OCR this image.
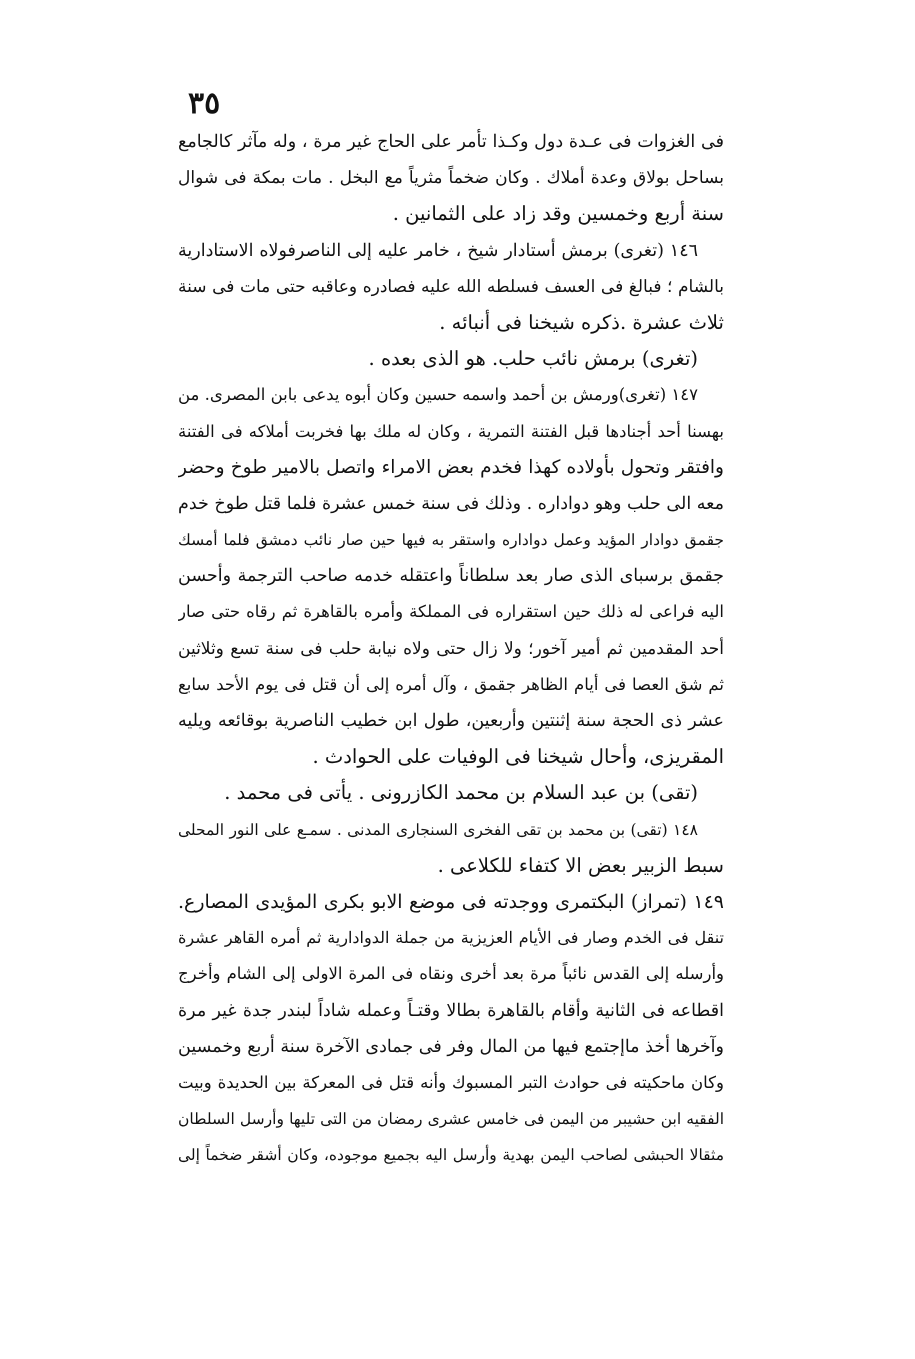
٣٥
فى الغزوات فى عـدة دول وكـذا تأمر على الحاج غير مرة ، وله مآثر كالجامع
بساحل بولاق وعدة أملاك . وكان ضخماً مثرياً مع البخل . مات بمكة فى شوال
سنة أربع وخمسين وقد زاد على الثمانين .
١٤٦ (تغرى) برمش أستادار شيخ ، خامر عليه إلى الناصرفولاه الاستادارية
بالشام ؛ فبالغ فى العسف فسلطه الله عليه فصادره وعاقبه حتى مات فى سنة
ثلاث عشرة .ذكره شيخنا فى أنبائه .
(تغرى) برمش نائب حلب. هو الذى بعده .
١٤٧ (تغرى)ورمش بن أحمد واسمه حسين وكان أبوه يدعى بابن المصرى. من
بهسنا أحد أجنادها قبل الفتنة التمرية ، وكان له ملك بها فخربت أملاكه فى الفتنة
وافتقر وتحول بأولاده كهذا فخدم بعض الامراء واتصل بالامير طوخ وحضر
معه الى حلب وهو دواداره . وذلك فى سنة خمس عشرة فلما قتل طوخ خدم
جقمق دوادار المؤيد وعمل دواداره واستقر به فيها حين صار نائب دمشق فلما أمسك
جقمق برسباى الذى صار بعد سلطاناً واعتقله خدمه صاحب الترجمة وأحسن
اليه فراعى له ذلك حين استقراره فى المملكة وأمره بالقاهرة ثم رقاه حتى صار
أحد المقدمين ثم أمير آخور؛ ولا زال حتى ولاه نيابة حلب فى سنة تسع وثلاثين
ثم شق العصا فى أيام الظاهر جقمق ، وآل أمره إلى أن قتل فى يوم الأحد سابع
عشر ذى الحجة سنة إثنتين وأربعين، طول ابن خطيب الناصرية بوقائعه ويليه
المقريزى، وأحال شيخنا فى الوفيات على الحوادث .
(تقى) بن عبد السلام بن محمد الكازرونى . يأتى فى محمد .
١٤٨ (تقى) بن محمد بن تقى الفخرى السنجارى المدنى . سمـع على النور المحلى
سبط الزبير بعض الا كتفاء للكلاعى .
١٤٩ (تمراز) البكتمرى ووجدته فى موضع الابو بكرى المؤيدى المصارع.
تنقل فى الخدم وصار فى الأيام العزيزية من جملة الدوادارية ثم أمره القاهر عشرة
وأرسله إلى القدس نائباً مرة بعد أخرى ونقاه فى المرة الاولى إلى الشام وأخرج
اقطاعه فى الثانية وأقام بالقاهرة بطالا وقتـاً وعمله شاداً لبندر جدة غير مرة
وآخرها أخذ ماإجتمع فيها من المال وفر فى جمادى الآخرة سنة أربع وخمسين
وكان ماحكيته فى حوادث التبر المسبوك وأنه قتل فى المعركة بين الحديدة وبيت
الفقيه ابن حشيبر من اليمن فى خامس عشرى رمضان من التى تليها وأرسل السلطان
مثقالا الحبشى لصاحب اليمن بهدية وأرسل اليه بجميع موجوده، وكان أشقر ضخماً إلى
